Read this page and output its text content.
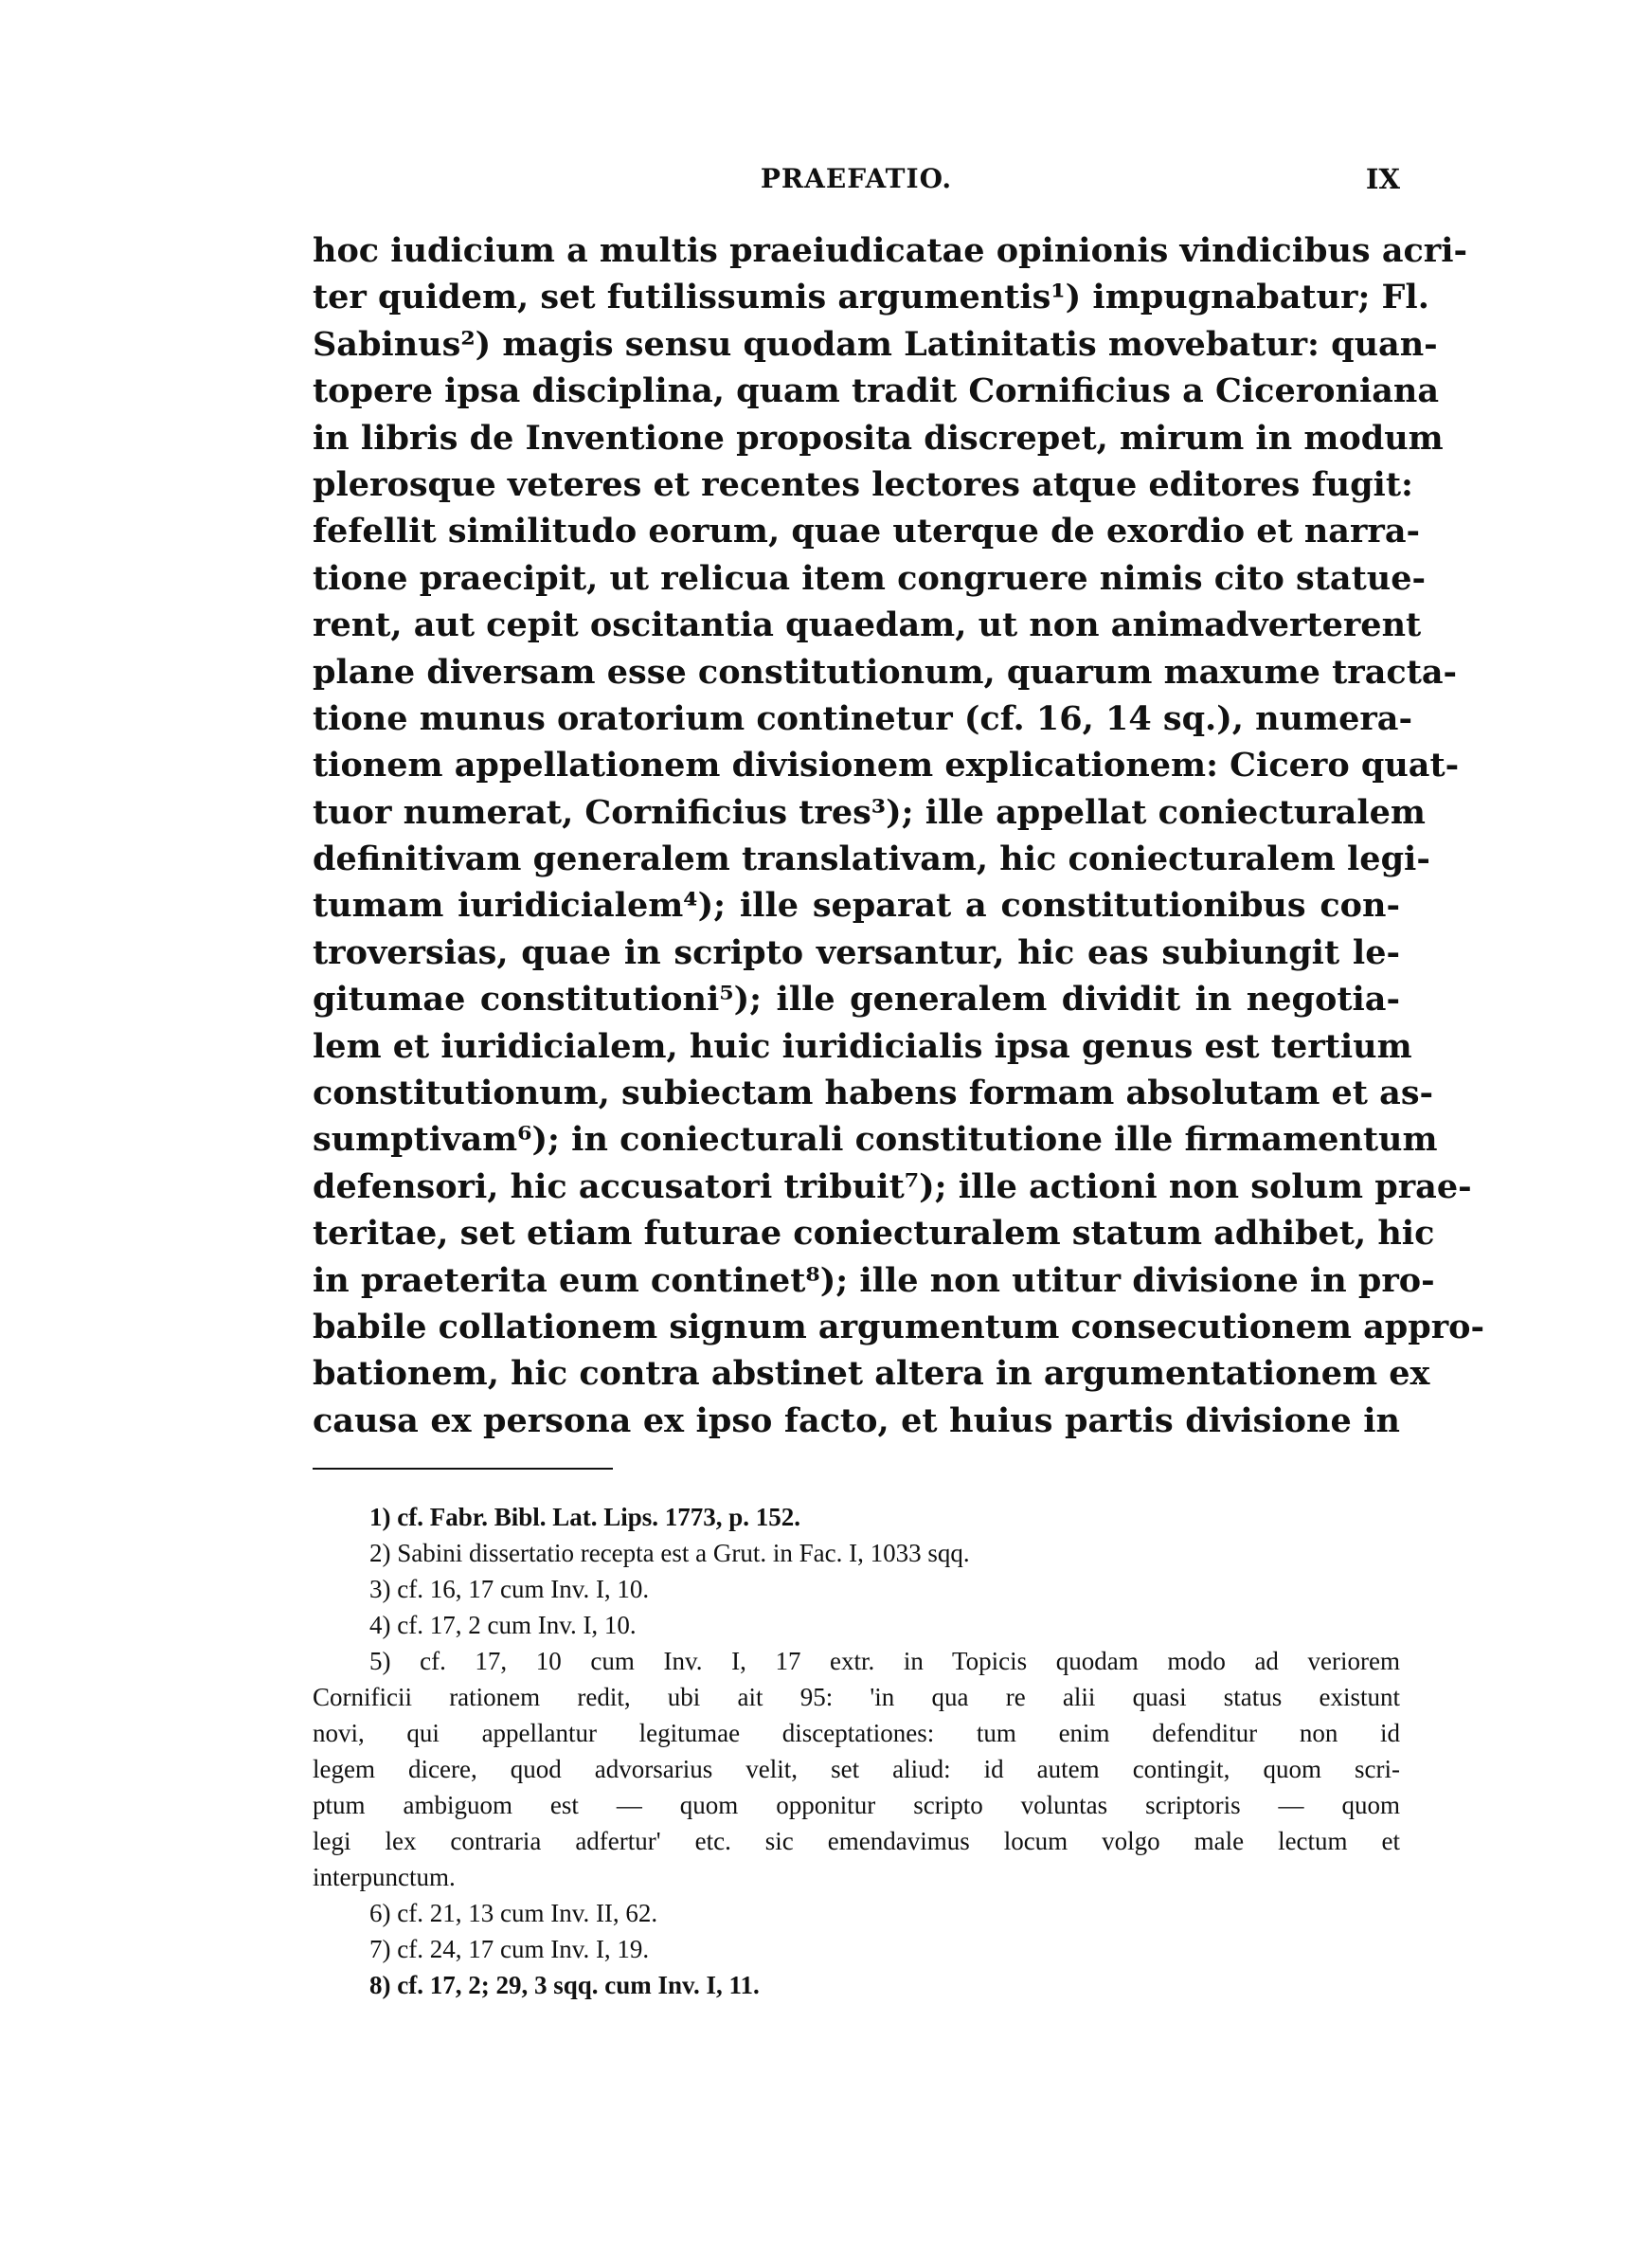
PRAEFATIO.	IX
hoc iudicium a multis praeiudicatae opinionis vindicibus acri-
ter quidem, set futilissumis argumentis¹) impugnabatur; Fl.
Sabinus²) magis sensu quodam Latinitatis movebatur: quan-
topere ipsa disciplina, quam tradit Cornificius a Ciceroniana
in libris de Inventione proposita discrepet, mirum in modum
plerosque veteres et recentes lectores atque editores fugit:
fefellit similitudo eorum, quae uterque de exordio et narra-
tione praecipit, ut relicua item congruere nimis cito statue-
rent, aut cepit oscitantia quaedam, ut non animadverterent
plane diversam esse constitutionum, quarum maxume tracta-
tione munus oratorium continetur (cf. 16, 14 sq.), numera-
tionem appellationem divisionem explicationem: Cicero quat-
tuor numerat, Cornificius tres³); ille appellat coniecturalem
definitivam generalem translativam, hic coniecturalem legi-
tumam iuridicialem⁴); ille separat a constitutionibus con-
troversias, quae in scripto versantur, hic eas subiungit le-
gitumae constitutioni⁵); ille generalem dividit in negotia-
lem et iuridicialem, huic iuridicialis ipsa genus est tertium
constitutionum, subiectam habens formam absolutam et as-
sumptivam⁶); in coniecturali constitutione ille firmamentum
defensori, hic accusatori tribuit⁷); ille actioni non solum prae-
teritae, set etiam futurae coniecturalem statum adhibet, hic
in praeterita eum continet⁸); ille non utitur divisione in pro-
babile collationem signum argumentum consecutionem appro-
bationem, hic contra abstinet altera in argumentationem ex
causa ex persona ex ipso facto, et huius partis divisione in
1) cf. Fabr. Bibl. Lat. Lips. 1773, p. 152.
2) Sabini dissertatio recepta est a Grut. in Fac. I, 1033 sqq.
3) cf. 16, 17 cum Inv. I, 10.
4) cf. 17, 2 cum Inv. I, 10.
5) cf. 17, 10 cum Inv. I, 17 extr. in Topicis quodam modo ad veriorem
Cornificii rationem redit, ubi ait 95: 'in qua re alii quasi status existunt
novi, qui appellantur legitumae disceptationes: tum enim defenditur non id
legem dicere, quod advorsarius velit, set aliud: id autem contingit, quom scri-
ptum ambiguom est — quom opponitur scripto voluntas scriptoris — quom
legi lex contraria adfertur' etc. sic emendavimus locum volgo male lectum et
interpunctum.
6) cf. 21, 13 cum Inv. II, 62.
7) cf. 24, 17 cum Inv. I, 19.
8) cf. 17, 2; 29, 3 sqq. cum Inv. I, 11.
